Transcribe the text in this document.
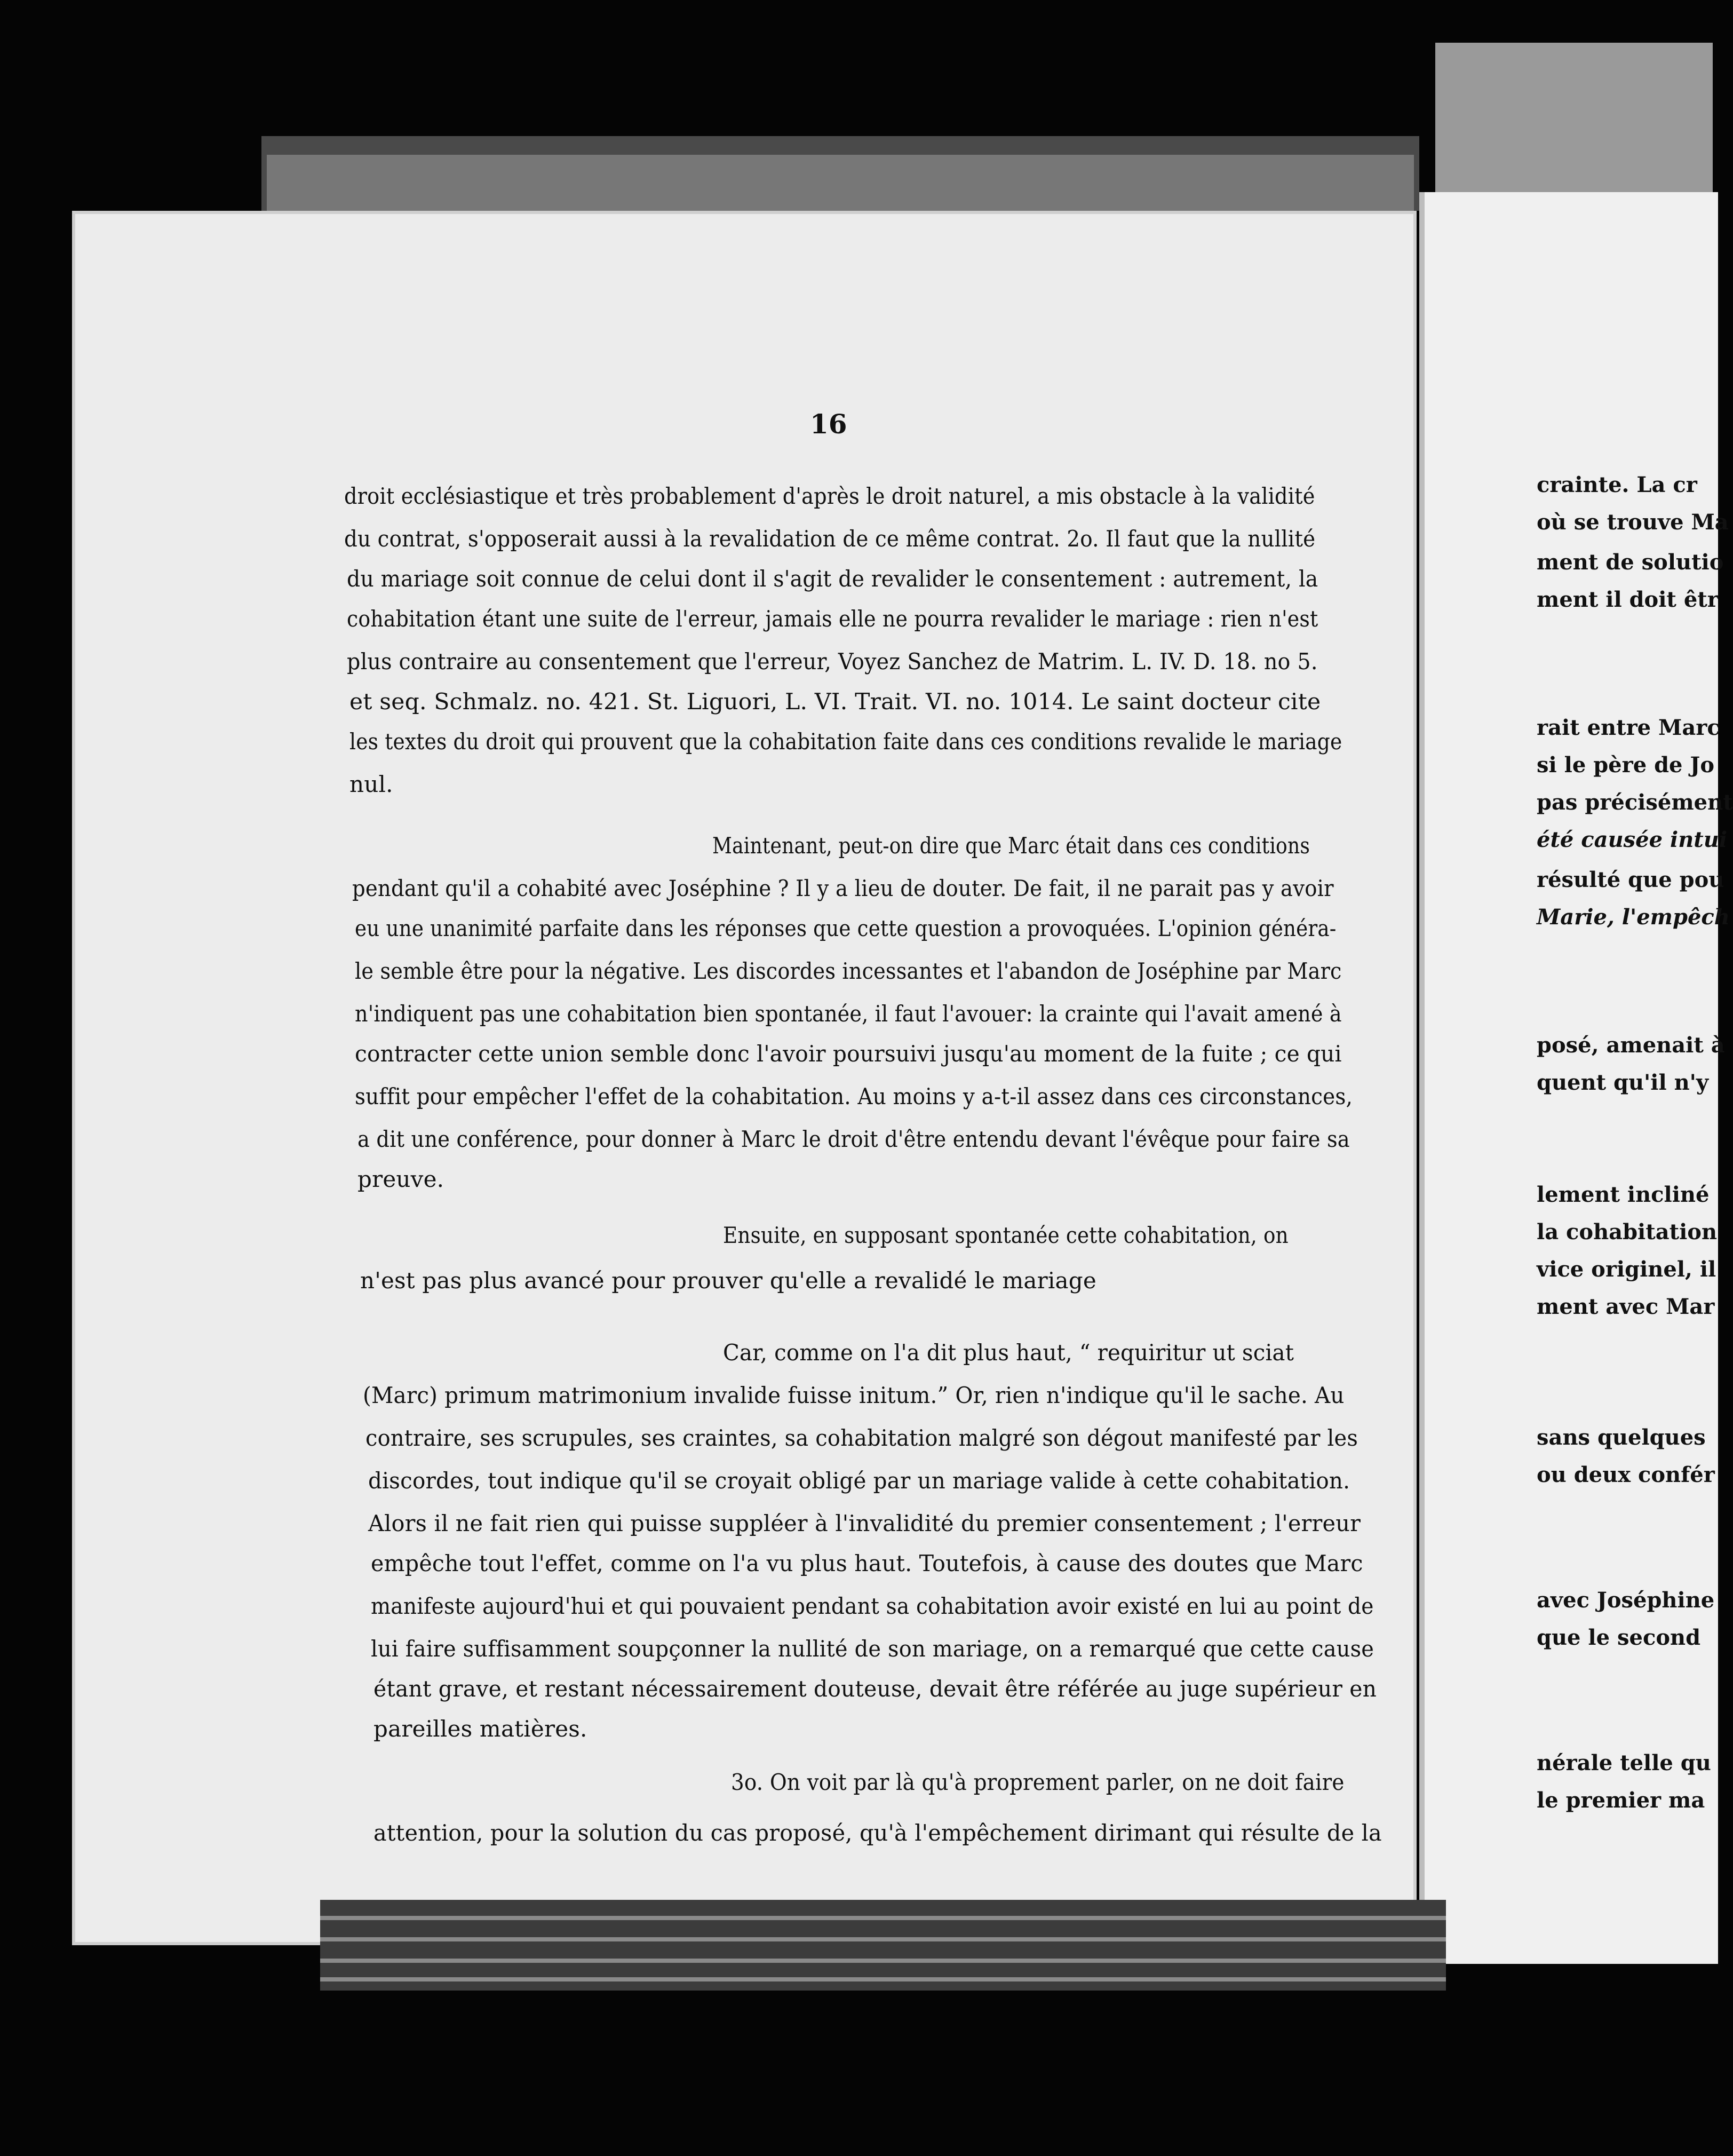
16
droit ecclésiastique et très probablement d'après le droit naturel, a mis obstacle à la validité
du contrat, s'opposerait aussi à la revalidation de ce même contrat. 2o. Il faut que la nullité
du mariage soit connue de celui dont il s'agit de revalider le consentement : autrement, la
cohabitation étant une suite de l'erreur, jamais elle ne pourra revalider le mariage : rien n'est
plus contraire au consentement que l'erreur, Voyez Sanchez de Matrim. L. IV. D. 18. no 5.
et seq. Schmalz. no. 421. St. Liguori, L. VI. Trait. VI. no. 1014. Le saint docteur cite
les textes du droit qui prouvent que la cohabitation faite dans ces conditions revalide le mariage
nul.
Maintenant, peut-on dire que Marc était dans ces conditions
pendant qu'il a cohabité avec Joséphine ? Il y a lieu de douter. De fait, il ne parait pas y avoir
eu une unanimité parfaite dans les réponses que cette question a provoquées. L'opinion généra-
le semble être pour la négative. Les discordes incessantes et l'abandon de Joséphine par Marc
n'indiquent pas une cohabitation bien spontanée, il faut l'avouer: la crainte qui l'avait amené à
contracter cette union semble donc l'avoir poursuivi jusqu'au moment de la fuite ; ce qui
suffit pour empêcher l'effet de la cohabitation. Au moins y a-t-il assez dans ces circonstances,
a dit une conférence, pour donner à Marc le droit d'être entendu devant l'évêque pour faire sa
preuve.
Ensuite, en supposant spontanée cette cohabitation, on
n'est pas plus avancé pour prouver qu'elle a revalidé le mariage
Car, comme on l'a dit plus haut, “ requiritur ut sciat
(Marc) primum matrimonium invalide fuisse initum.” Or, rien n'indique qu'il le sache. Au
contraire, ses scrupules, ses craintes, sa cohabitation malgré son dégout manifesté par les
discordes, tout indique qu'il se croyait obligé par un mariage valide à cette cohabitation.
Alors il ne fait rien qui puisse suppléer à l'invalidité du premier consentement ; l'erreur
empêche tout l'effet, comme on l'a vu plus haut. Toutefois, à cause des doutes que Marc
manifeste aujourd'hui et qui pouvaient pendant sa cohabitation avoir existé en lui au point de
lui faire suffisamment soupçonner la nullité de son mariage, on a remarqué que cette cause
étant grave, et restant nécessairement douteuse, devait être référée au juge supérieur en
pareilles matières.
3o. On voit par là qu'à proprement parler, on ne doit faire
attention, pour la solution du cas proposé, qu'à l'empêchement dirimant qui résulte de la
crainte. La cr
où se trouve Ma
ment de solutio
ment il doit êtr
rait entre Marc
si le père de Jo
pas précisément
été causée intui
résulté que pou
Marie, l'empêch
posé, amenait à
quent qu'il n'y
lement incliné
la cohabitation
vice originel, il
ment avec Mar
sans quelques
ou deux confér
avec Joséphine
que le second
nérale telle qu
le premier ma
